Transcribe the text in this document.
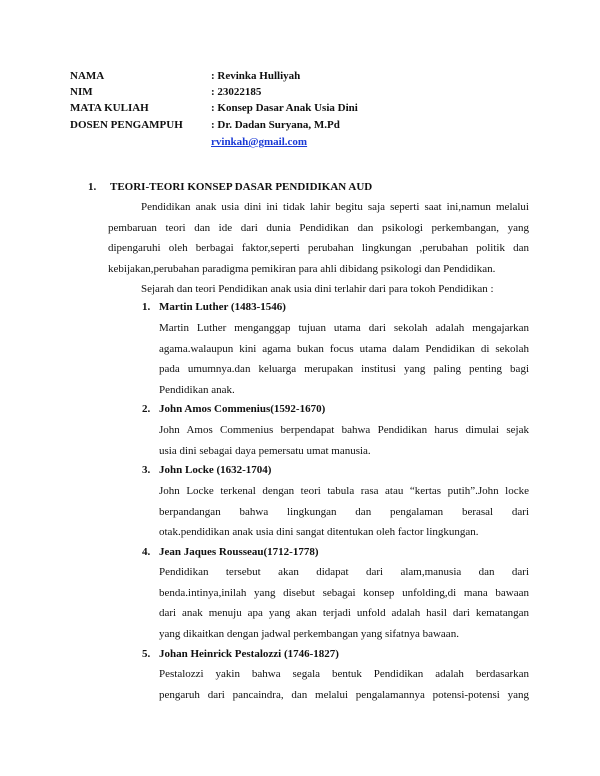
NAMA	: Revinka Hulliyah
NIM	: 23022185
MATA KULIAH	: Konsep Dasar Anak Usia Dini
DOSEN PENGAMPUH	: Dr. Dadan Suryana, M.Pd
rvinkah@gmail.com
1. TEORI-TEORI KONSEP DASAR PENDIDIKAN AUD
Pendidikan anak usia dini ini tidak lahir begitu saja seperti saat ini,namun melalui
pembaruan teori dan ide dari dunia Pendidikan dan psikologi perkembangan, yang
dipengaruhi oleh berbagai faktor,seperti perubahan lingkungan ,perubahan politik dan
kebijakan,perubahan paradigma pemikiran para ahli dibidang psikologi dan Pendidikan.
Sejarah dan teori Pendidikan anak usia dini terlahir dari para tokoh Pendidikan :
1. Martin Luther (1483-1546)
Martin Luther menganggap tujuan utama dari sekolah adalah mengajarkan
agama.walaupun kini agama bukan focus utama dalam Pendidikan di sekolah
pada umumnya.dan keluarga merupakan institusi yang paling penting bagi
Pendidikan anak.
2. John Amos Commenius(1592-1670)
John Amos Commenius berpendapat bahwa Pendidikan harus dimulai sejak
usia dini sebagai daya pemersatu umat manusia.
3. John Locke (1632-1704)
John Locke terkenal dengan teori tabula rasa atau “kertas putih”.John locke
berpandangan bahwa lingkungan dan pengalaman berasal dari
otak.pendidikan anak usia dini sangat ditentukan oleh factor lingkungan.
4. Jean Jaques Rousseau(1712-1778)
Pendidikan tersebut akan didapat dari alam,manusia dan dari
benda.intinya,inilah yang disebut sebagai konsep unfolding,di mana bawaan
dari anak menuju apa yang akan terjadi unfold adalah hasil dari kematangan
yang dikaitkan dengan jadwal perkembangan yang sifatnya bawaan.
5. Johan Heinrick Pestalozzi (1746-1827)
Pestalozzi yakin bahwa segala bentuk Pendidikan adalah berdasarkan
pengaruh dari pancaindra, dan melalui pengalamannya potensi-potensi yang
